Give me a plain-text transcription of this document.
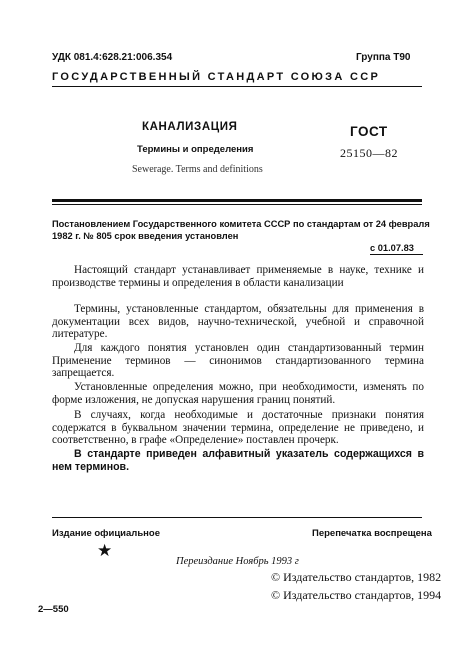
УДК 081.4:628.21:006.354	Группа Т90
ГОСУДАРСТВЕННЫЙ СТАНДАРТ СОЮЗА ССР
КАНАЛИЗАЦИЯ
Термины и определения
Sewerage. Terms and definitions
ГОСТ
25150—82
Постановлением Государственного комитета СССР по стандартам от 24 февраля
1982 г. № 805 срок введения установлен
с 01.07.83
Настоящий стандарт устанавливает применяемые в науке, технике и производстве термины и определения в области канализации
Термины, установленные стандартом, обязательны для применения в документации всех видов, научно-технической, учебной и справочной литературе.
Для каждого понятия установлен один стандартизованный термин Применение терминов — синонимов стандартизованного термина запрещается.
Установленные определения можно, при необходимости, изменять по форме изложения, не допуская нарушения границ понятий.
В случаях, когда необходимые и достаточные признаки понятия содержатся в буквальном значении термина, определение не приведено, и соответственно, в графе «Определение» поставлен прочерк.
В стандарте приведен алфавитный указатель содержащихся в нем терминов.
Издание официальное	Перепечатка воспрещена
★
Переиздание Ноябрь 1993 г
© Издательство стандартов, 1982
© Издательство стандартов, 1994
2—550
